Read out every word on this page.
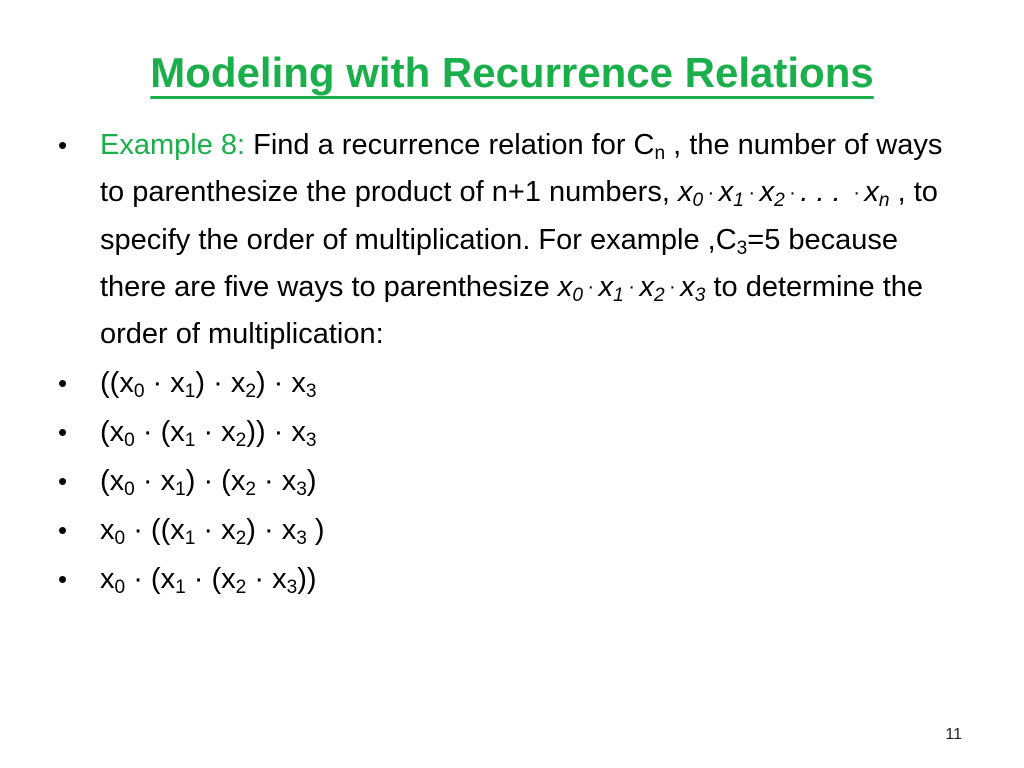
Modeling with Recurrence Relations
•	Example 8: Find a recurrence relation for $C_n$ , the number of ways to parenthesize the product of n+1 numbers, $x_0 \cdot x_1 \cdot x_2$ · . . . · $x_n$ , to specify the order of multiplication. For example $,C_3=5$ because there are five ways to parenthesize $x_0 \cdot x_1 \cdot x_2 \cdot x_3$ to determine the order of multiplication:
•	$((x_0 \cdot x_1) \cdot x_2) \cdot x_3$
•	$(x_0 \cdot (x_1 \cdot x_2)) \cdot x_3$
•	$(x_0 \cdot x_1) \cdot (x_2 \cdot x_3)$
•	$x_0 \cdot ((x_1 \cdot x_2) \cdot x_3$ )
•	$x_0 \cdot (x_1 \cdot (x_2 \cdot x_3))$
11
